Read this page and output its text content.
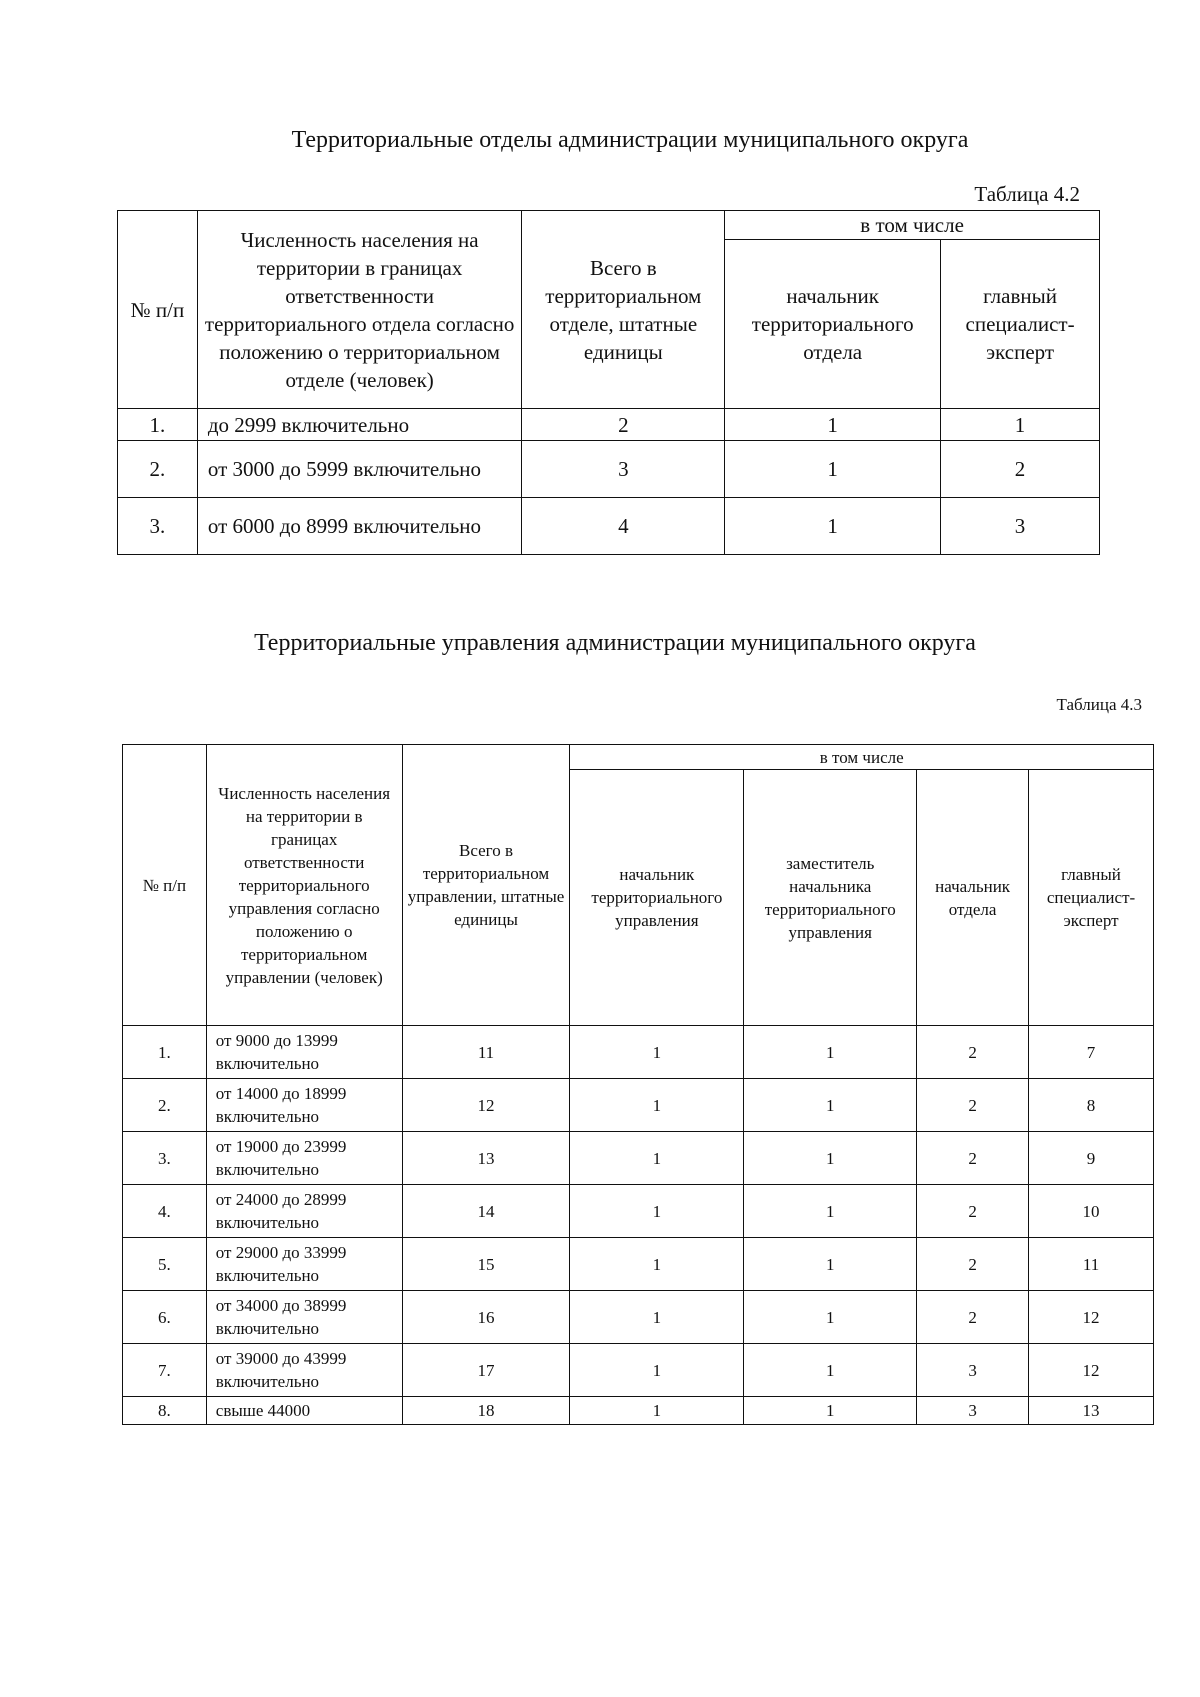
Территориальные отделы администрации муниципального округа
Таблица 4.2
№ п/п	Численность населения на территории в границах ответственности территориального отдела согласно положению о территориальном отделе (человек)	Всего в территориальном отделе, штатные единицы	в том числе	
			начальник территориального отдела	главный специалист-эксперт
1.	до 2999 включительно	2	1	1
2.	от 3000 до 5999 включительно	3	1	2
3.	от 6000 до 8999 включительно	4	1	3
Территориальные управления администрации муниципального округа
Таблица 4.3
№ п/п	Численность населения на территории в границах ответственности территориального управления согласно положению о территориальном управлении (человек)	Всего в территориальном управлении, штатные единицы	в том числе			
			начальник территориального управления	заместитель начальника территориального управления	начальник отдела	главный специалист-эксперт
1.	от 9000 до 13999 включительно	11	1	1	2	7
2.	от 14000 до 18999 включительно	12	1	1	2	8
3.	от 19000 до 23999 включительно	13	1	1	2	9
4.	от 24000 до 28999 включительно	14	1	1	2	10
5.	от 29000 до 33999 включительно	15	1	1	2	11
6.	от 34000 до 38999 включительно	16	1	1	2	12
7.	от 39000 до 43999 включительно	17	1	1	3	12
8.	свыше 44000	18	1	1	3	13
